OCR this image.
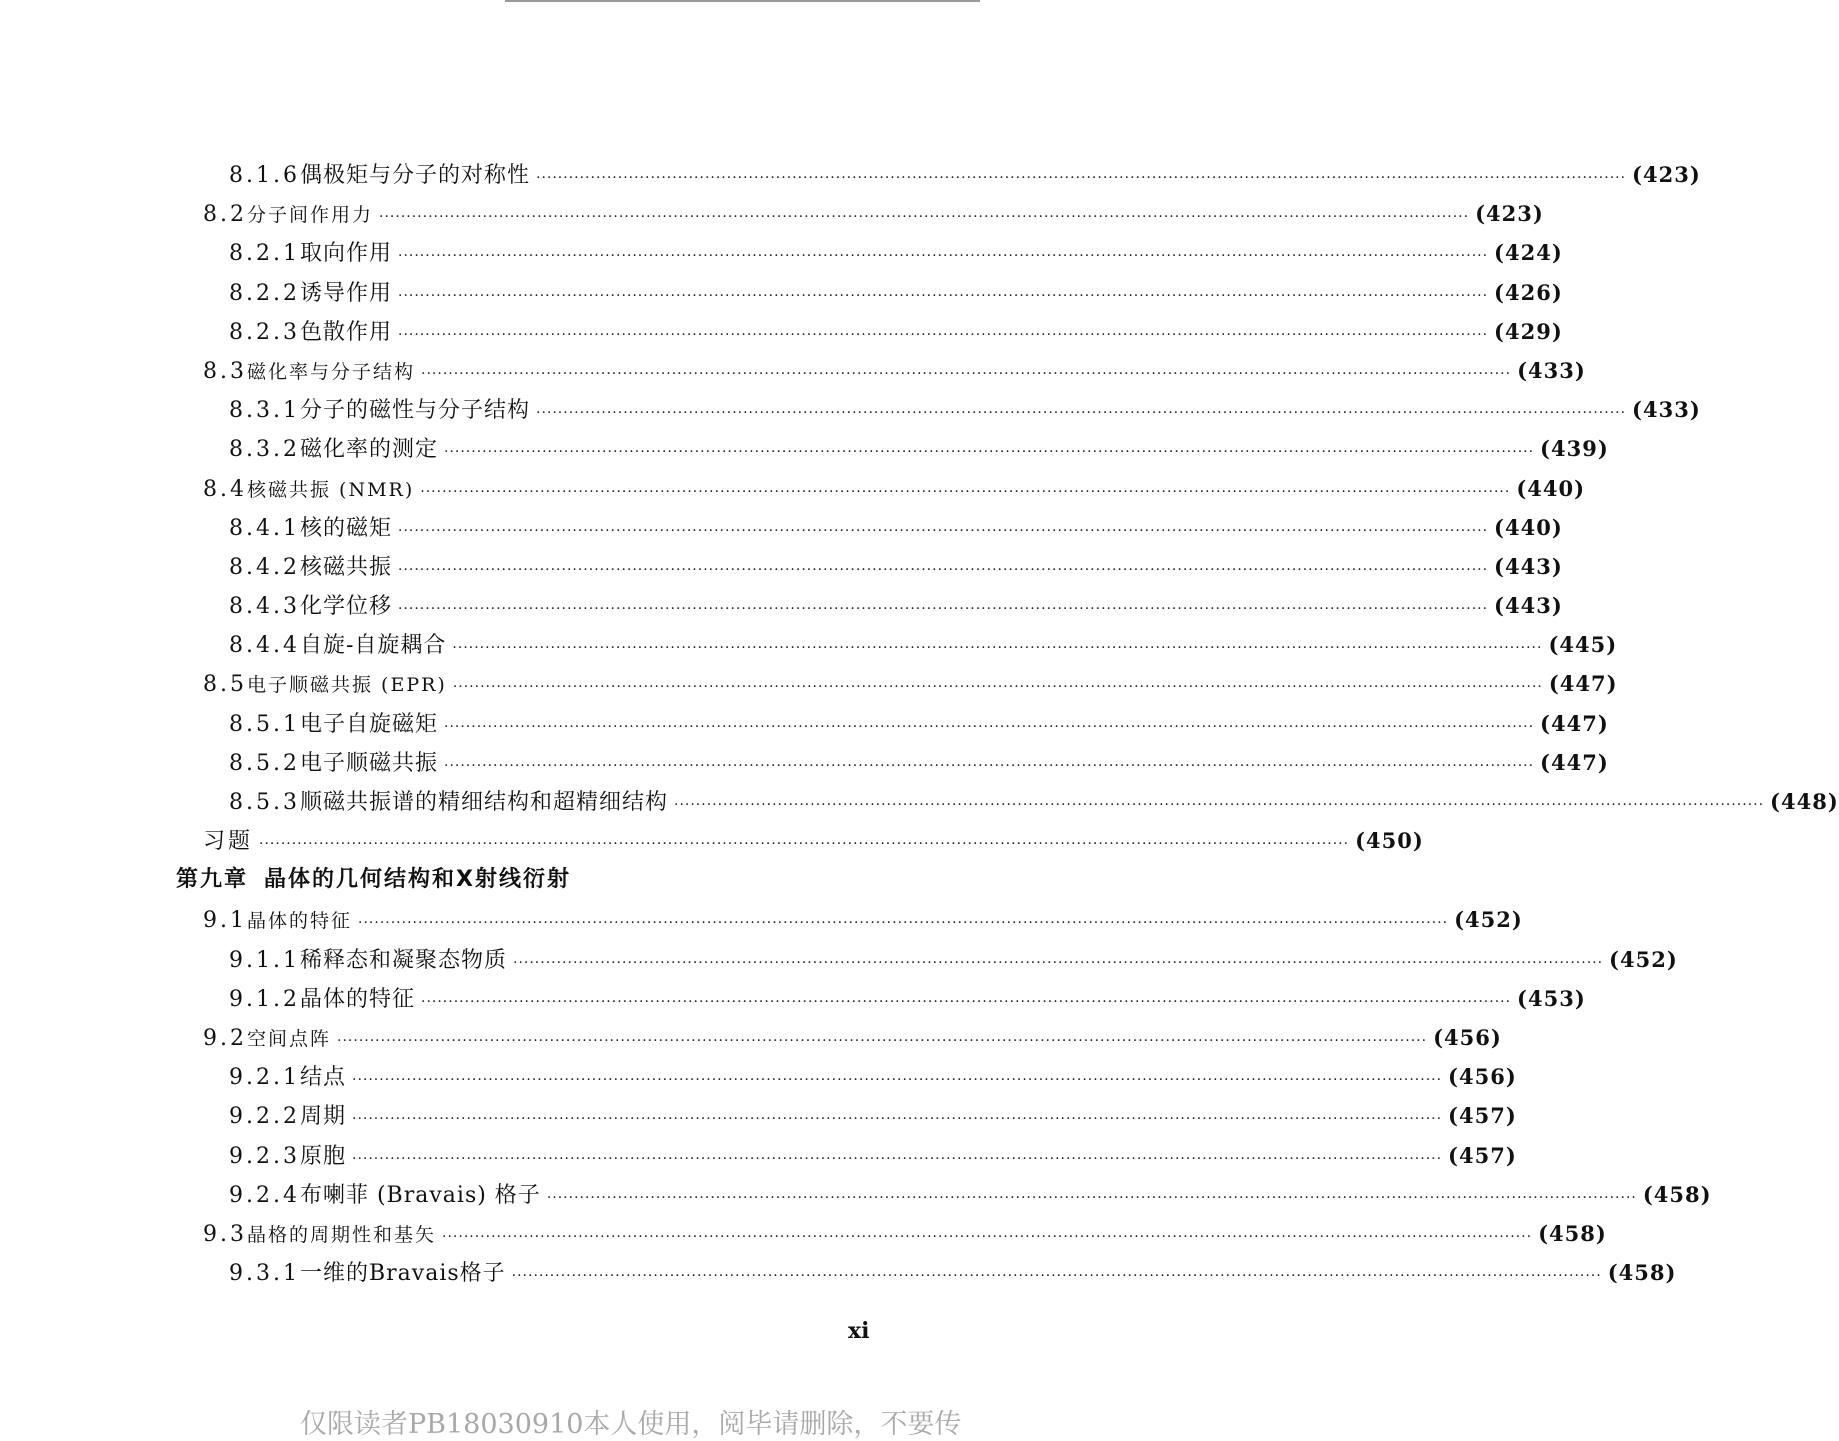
8.1.6 偶极矩与分子的对称性 ········································································································································································································ (423)
8.2 分子间作用力 ········································································································································································································ (423)
8.2.1 取向作用 ········································································································································································································ (424)
8.2.2 诱导作用 ········································································································································································································ (426)
8.2.3 色散作用 ········································································································································································································ (429)
8.3 磁化率与分子结构 ········································································································································································································ (433)
8.3.1 分子的磁性与分子结构 ········································································································································································································ (433)
8.3.2 磁化率的测定 ········································································································································································································ (439)
8.4 核磁共振 (NMR) ········································································································································································································ (440)
8.4.1 核的磁矩 ········································································································································································································ (440)
8.4.2 核磁共振 ········································································································································································································ (443)
8.4.3 化学位移 ········································································································································································································ (443)
8.4.4 自旋-自旋耦合 ········································································································································································································ (445)
8.5 电子顺磁共振 (EPR) ········································································································································································································ (447)
8.5.1 电子自旋磁矩 ········································································································································································································ (447)
8.5.2 电子顺磁共振 ········································································································································································································ (447)
8.5.3 顺磁共振谱的精细结构和超精细结构 ········································································································································································································ (448)
习题 ········································································································································································································ (450)
第九章 晶体的几何结构和X射线衍射
9.1 晶体的特征 ········································································································································································································ (452)
9.1.1 稀释态和凝聚态物质 ········································································································································································································ (452)
9.1.2 晶体的特征 ········································································································································································································ (453)
9.2 空间点阵 ········································································································································································································ (456)
9.2.1 结点 ········································································································································································································ (456)
9.2.2 周期 ········································································································································································································ (457)
9.2.3 原胞 ········································································································································································································ (457)
9.2.4 布喇菲 (Bravais) 格子 ········································································································································································································ (458)
9.3 晶格的周期性和基矢 ········································································································································································································ (458)
9.3.1 一维的Bravais格子 ········································································································································································································ (458)
xi
仅限读者PB18030910本人使用，阅毕请删除，不要传
